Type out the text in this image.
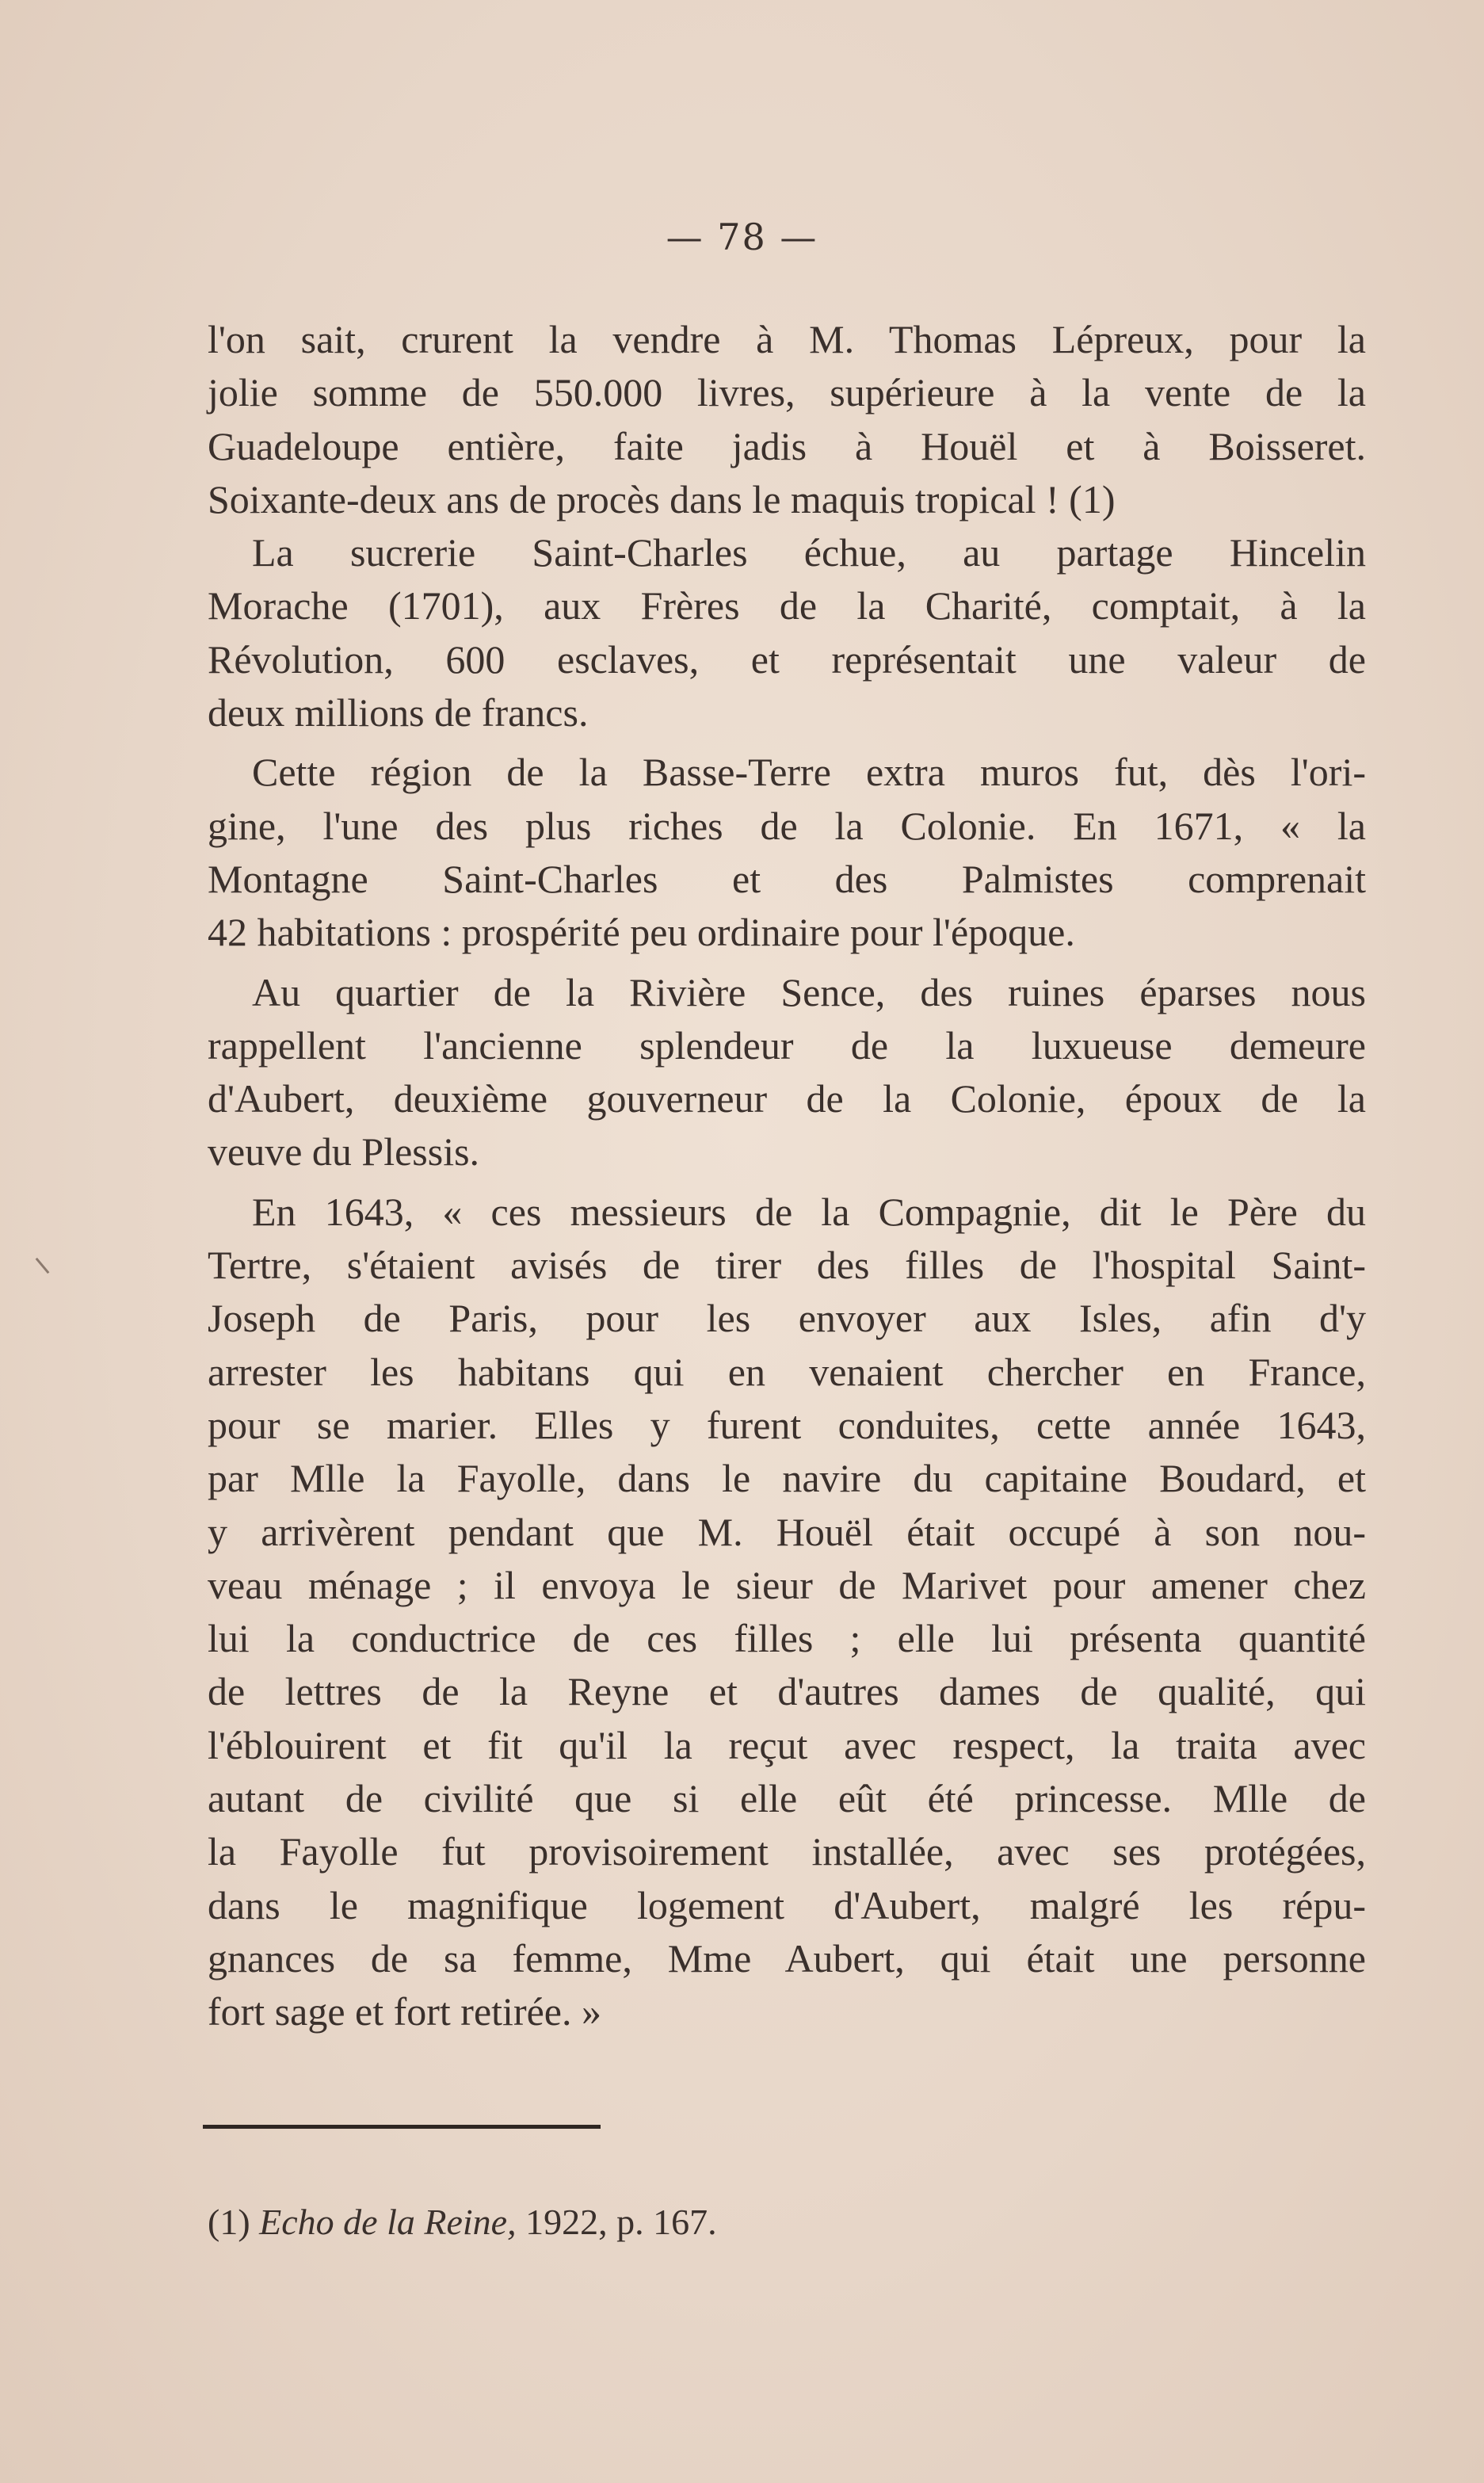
— 78 —
l'on sait, crurent la vendre à M. Thomas Lépreux, pour la
jolie somme de 550.000 livres, supérieure à la vente de la
Guadeloupe entière, faite jadis à Houël et à Boisseret.
Soixante-deux ans de procès dans le maquis tropical ! (1)
La sucrerie Saint-Charles échue, au partage Hincelin
Morache (1701), aux Frères de la Charité, comptait, à la
Révolution, 600 esclaves, et représentait une valeur de
deux millions de francs.
Cette région de la Basse-Terre extra muros fut, dès l'ori-
gine, l'une des plus riches de la Colonie. En 1671, « la
Montagne Saint-Charles et des Palmistes comprenait
42 habitations : prospérité peu ordinaire pour l'époque.
Au quartier de la Rivière Sence, des ruines éparses nous
rappellent l'ancienne splendeur de la luxueuse demeure
d'Aubert, deuxième gouverneur de la Colonie, époux de la
veuve du Plessis.
En 1643, « ces messieurs de la Compagnie, dit le Père du
Tertre, s'étaient avisés de tirer des filles de l'hospital Saint-
Joseph de Paris, pour les envoyer aux Isles, afin d'y
arrester les habitans qui en venaient chercher en France,
pour se marier. Elles y furent conduites, cette année 1643,
par Mlle la Fayolle, dans le navire du capitaine Boudard, et
y arrivèrent pendant que M. Houël était occupé à son nou-
veau ménage ; il envoya le sieur de Marivet pour amener chez
lui la conductrice de ces filles ; elle lui présenta quantité
de lettres de la Reyne et d'autres dames de qualité, qui
l'éblouirent et fit qu'il la reçut avec respect, la traita avec
autant de civilité que si elle eût été princesse. Mlle de
la Fayolle fut provisoirement installée, avec ses protégées,
dans le magnifique logement d'Aubert, malgré les répu-
gnances de sa femme, Mme Aubert, qui était une personne
fort sage et fort retirée. »
(1) Echo de la Reine, 1922, p. 167.
